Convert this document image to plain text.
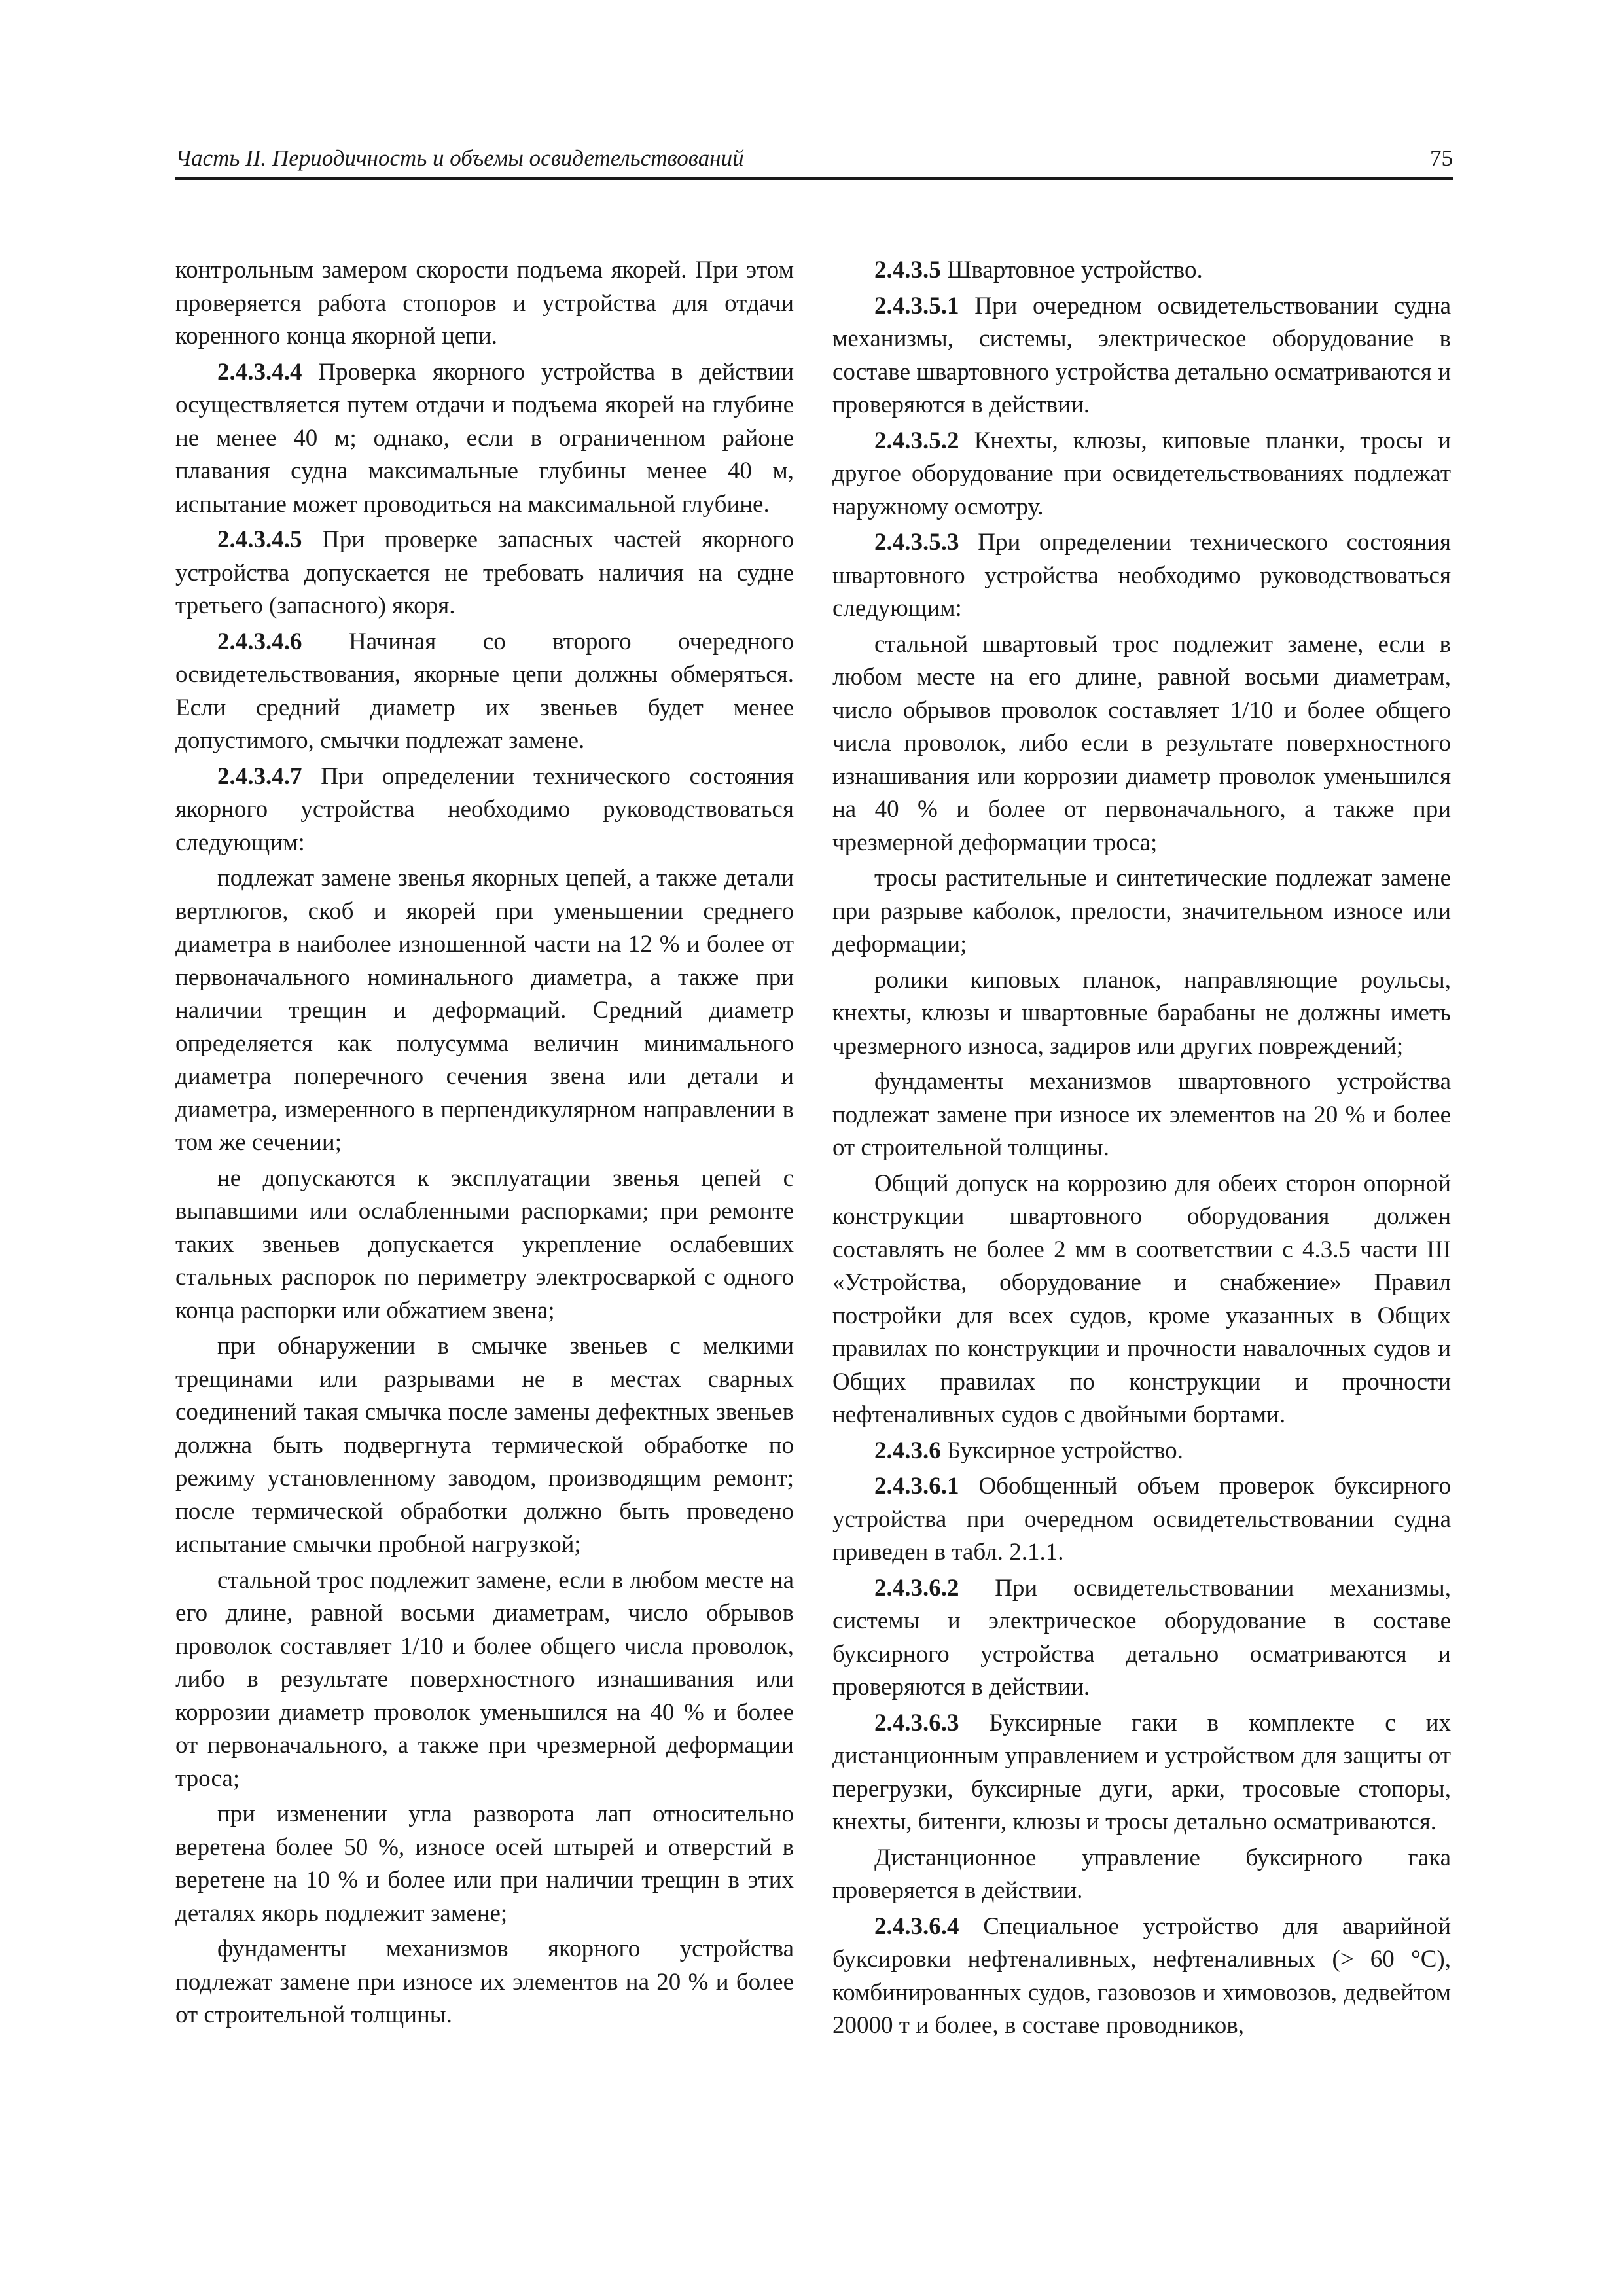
Часть II. Периодичность и объемы освидетельствований	75

контрольным замером скорости подъема якорей. При этом проверяется работа стопоров и устройства для отдачи коренного конца якорной цепи.

2.4.3.4.4 Проверка якорного устройства в действии осуществляется путем отдачи и подъема якорей на глубине не менее 40 м; однако, если в ограниченном районе плавания судна максимальные глубины менее 40 м, испытание может проводиться на максимальной глубине.

2.4.3.4.5 При проверке запасных частей якорного устройства допускается не требовать наличия на судне третьего (запасного) якоря.

2.4.3.4.6 Начиная со второго очередного освидетельствования, якорные цепи должны обмеряться. Если средний диаметр их звеньев будет менее допустимого, смычки подлежат замене.

2.4.3.4.7 При определении технического состояния якорного устройства необходимо руководствоваться следующим:

подлежат замене звенья якорных цепей, а также детали вертлюгов, скоб и якорей при уменьшении среднего диаметра в наиболее изношенной части на 12 % и более от первоначального номинального диаметра, а также при наличии трещин и деформаций. Средний диаметр определяется как полусумма величин минимального диаметра поперечного сечения звена или детали и диаметра, измеренного в перпендикулярном направлении в том же сечении;

не допускаются к эксплуатации звенья цепей с выпавшими или ослабленными распорками; при ремонте таких звеньев допускается укрепление ослабевших стальных распорок по периметру электросваркой с одного конца распорки или обжатием звена;

при обнаружении в смычке звеньев с мелкими трещинами или разрывами не в местах сварных соединений такая смычка после замены дефектных звеньев должна быть подвергнута термической обработке по режиму установленному заводом, производящим ремонт; после термической обработки должно быть проведено испытание смычки пробной нагрузкой;

стальной трос подлежит замене, если в любом месте на его длине, равной восьми диаметрам, число обрывов проволок составляет 1/10 и более общего числа проволок, либо в результате поверхностного изнашивания или коррозии диаметр проволок уменьшился на 40 % и более от первоначального, а также при чрезмерной деформации троса;

при изменении угла разворота лап относительно веретена более 50 %, износе осей штырей и отверстий в веретене на 10 % и более или при наличии трещин в этих деталях якорь подлежит замене;

фундаменты механизмов якорного устройства подлежат замене при износе их элементов на 20 % и более от строительной толщины.

2.4.3.5 Швартовное устройство.

2.4.3.5.1 При очередном освидетельствовании судна механизмы, системы, электрическое оборудование в составе швартовного устройства детально осматриваются и проверяются в действии.

2.4.3.5.2 Кнехты, клюзы, киповые планки, тросы и другое оборудование при освидетельствованиях подлежат наружному осмотру.

2.4.3.5.3 При определении технического состояния швартовного устройства необходимо руководствоваться следующим:

стальной швартовый трос подлежит замене, если в любом месте на его длине, равной восьми диаметрам, число обрывов проволок составляет 1/10 и более общего числа проволок, либо если в результате поверхностного изнашивания или коррозии диаметр проволок уменьшился на 40 % и более от первоначального, а также при чрезмерной деформации троса;

тросы растительные и синтетические подлежат замене при разрыве каболок, прелости, значительном износе или деформации;

ролики киповых планок, направляющие роульсы, кнехты, клюзы и швартовные барабаны не должны иметь чрезмерного износа, задиров или других повреждений;

фундаменты механизмов швартовного устройства подлежат замене при износе их элементов на 20 % и более от строительной толщины.

Общий допуск на коррозию для обеих сторон опорной конструкции швартовного оборудования должен составлять не более 2 мм в соответствии с 4.3.5 части III «Устройства, оборудование и снабжение» Правил постройки для всех судов, кроме указанных в Общих правилах по конструкции и прочности навалочных судов и Общих правилах по конструкции и прочности нефтеналивных судов с двойными бортами.

2.4.3.6 Буксирное устройство.

2.4.3.6.1 Обобщенный объем проверок буксирного устройства при очередном освидетельствовании судна приведен в табл. 2.1.1.

2.4.3.6.2 При освидетельствовании механизмы, системы и электрическое оборудование в составе буксирного устройства детально осматриваются и проверяются в действии.

2.4.3.6.3 Буксирные гаки в комплекте с их дистанционным управлением и устройством для защиты от перегрузки, буксирные дуги, арки, тросовые стопоры, кнехты, битенги, клюзы и тросы детально осматриваются.

Дистанционное управление буксирного гака проверяется в действии.

2.4.3.6.4 Специальное устройство для аварийной буксировки нефтеналивных, нефтеналивных (> 60 °С), комбинированных судов, газовозов и химовозов, дедвейтом 20000 т и более, в составе проводников,
